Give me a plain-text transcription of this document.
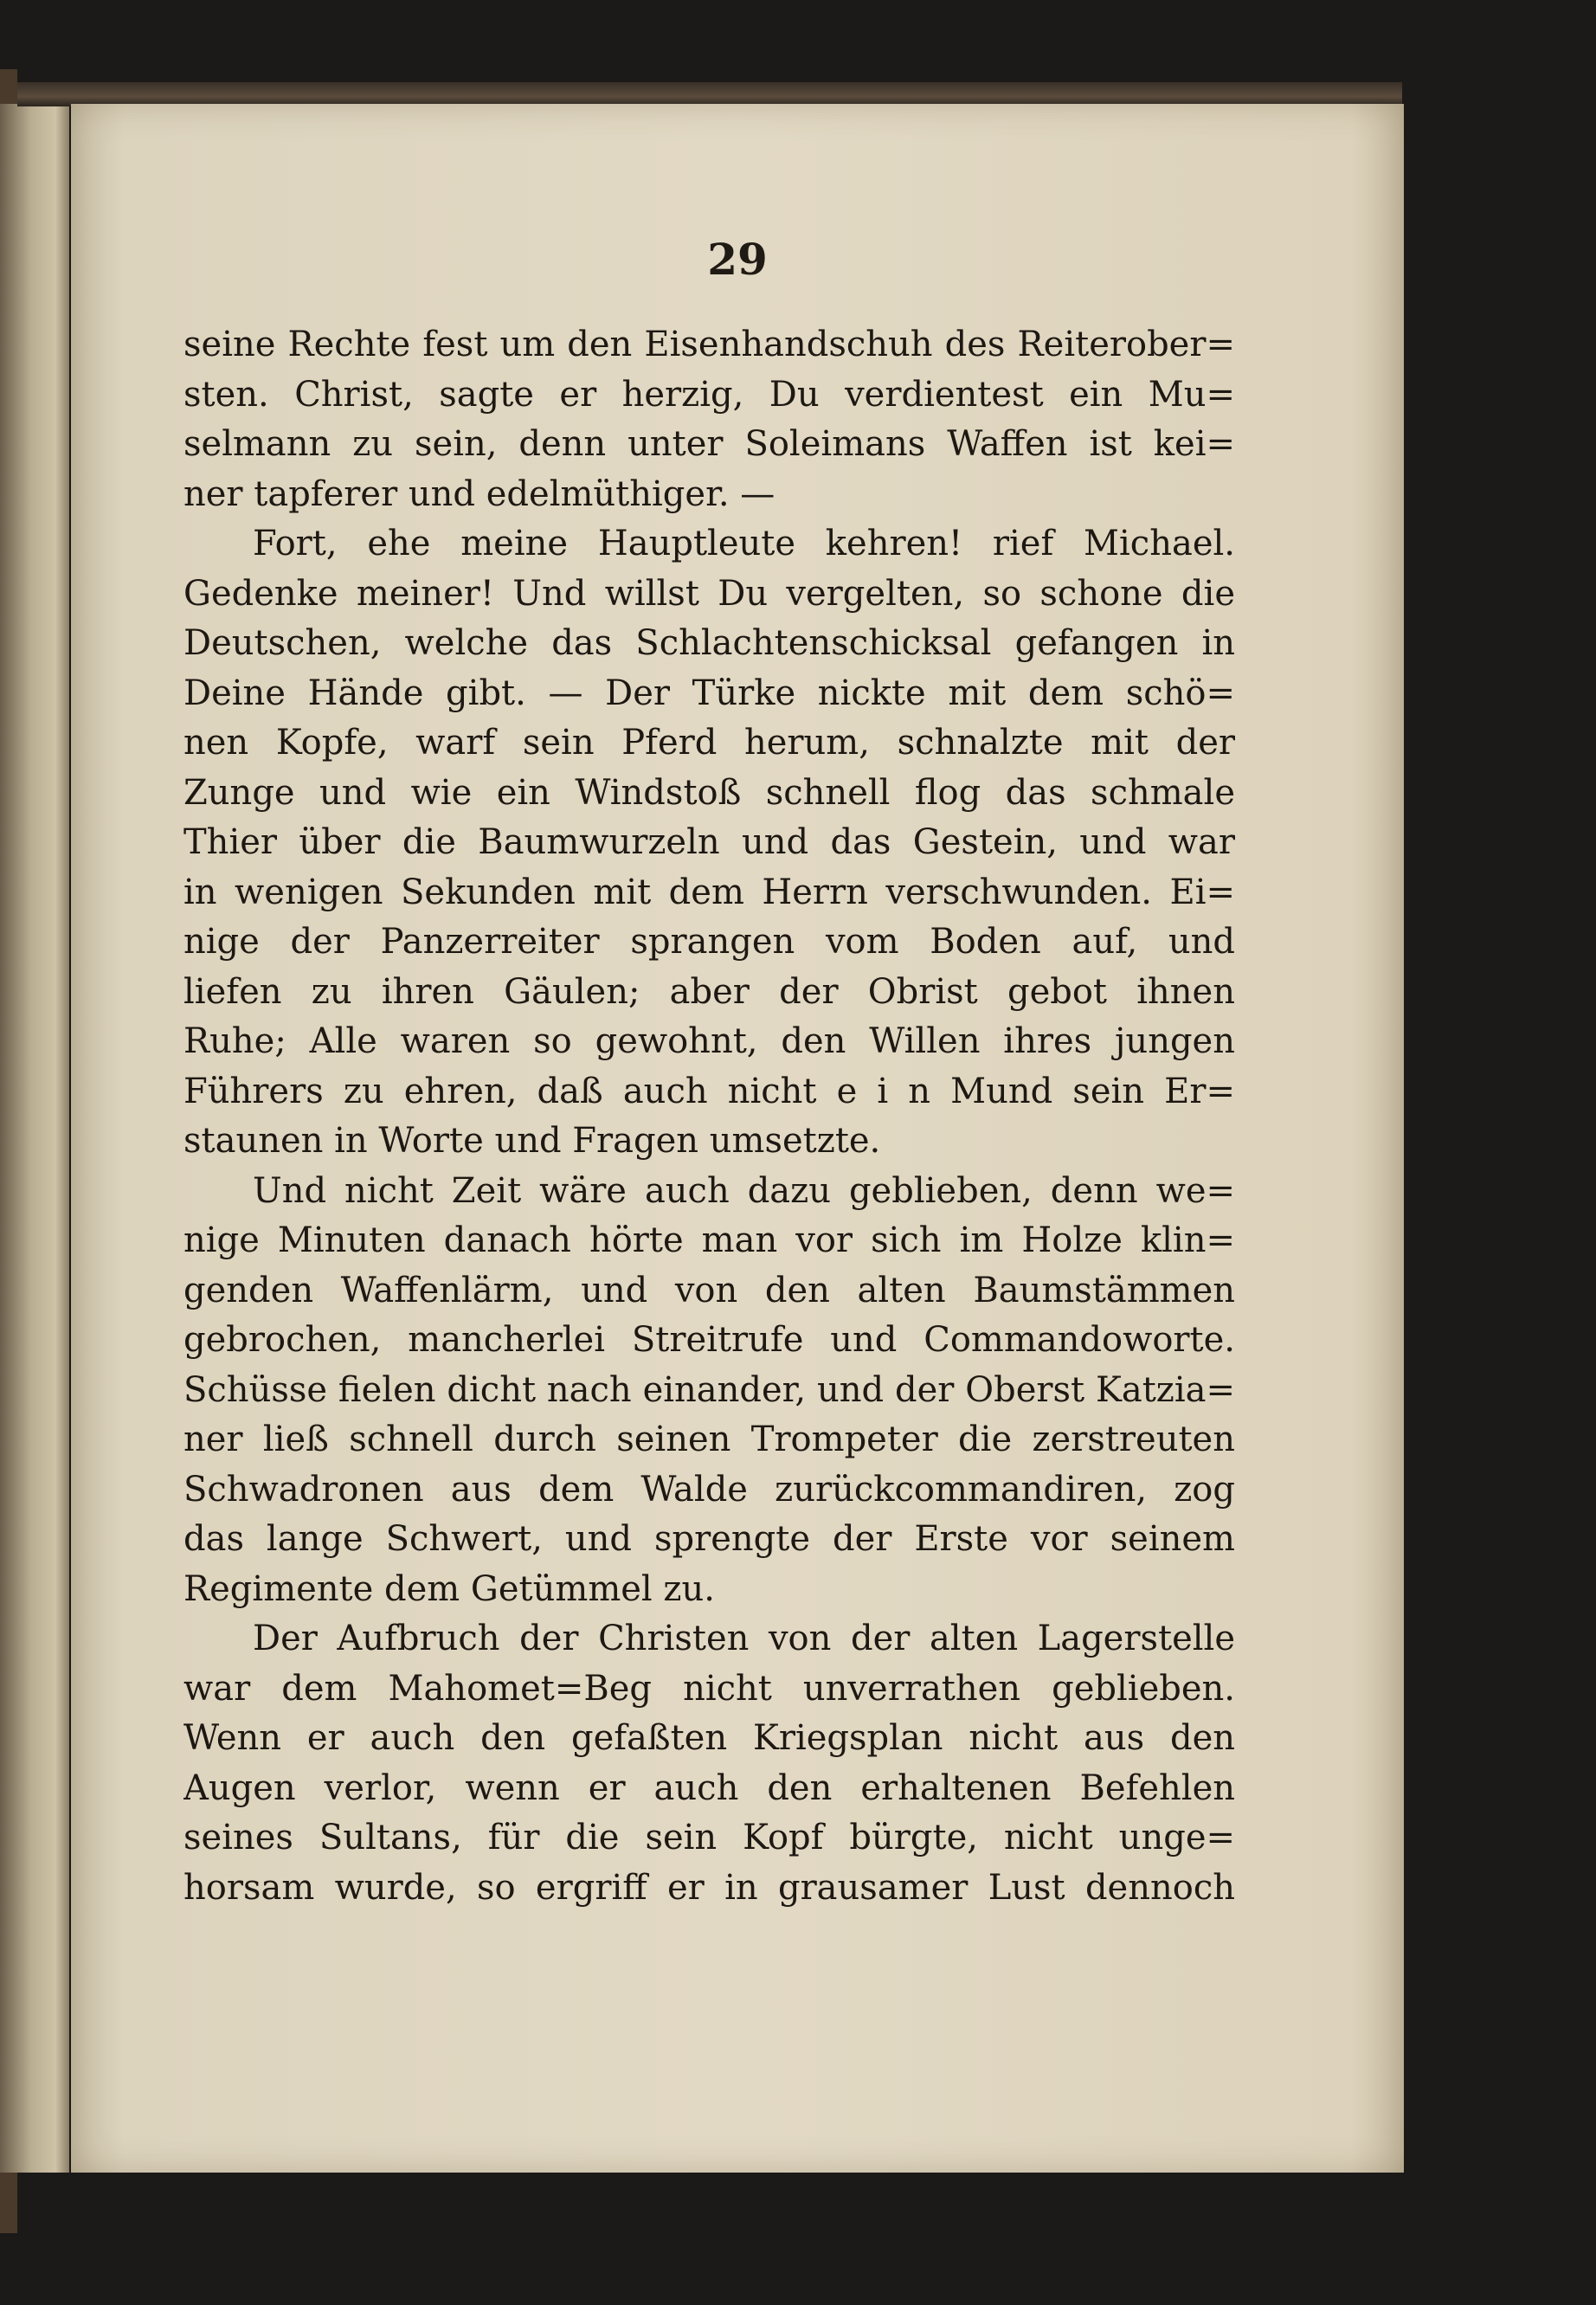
29
seine Rechte fest um den Eisenhandschuh des Reiterober=
sten. Christ, sagte er herzig, Du verdientest ein Mu=
selmann zu sein, denn unter Soleimans Waffen ist kei=
ner tapferer und edelmüthiger. —
Fort, ehe meine Hauptleute kehren! rief Michael.
Gedenke meiner! Und willst Du vergelten, so schone die
Deutschen, welche das Schlachtenschicksal gefangen in
Deine Hände gibt. — Der Türke nickte mit dem schö=
nen Kopfe, warf sein Pferd herum, schnalzte mit der
Zunge und wie ein Windstoß schnell flog das schmale
Thier über die Baumwurzeln und das Gestein, und war
in wenigen Sekunden mit dem Herrn verschwunden. Ei=
nige der Panzerreiter sprangen vom Boden auf, und
liefen zu ihren Gäulen; aber der Obrist gebot ihnen
Ruhe; Alle waren so gewohnt, den Willen ihres jungen
Führers zu ehren, daß auch nicht e i n Mund sein Er=
staunen in Worte und Fragen umsetzte.
Und nicht Zeit wäre auch dazu geblieben, denn we=
nige Minuten danach hörte man vor sich im Holze klin=
genden Waffenlärm, und von den alten Baumstämmen
gebrochen, mancherlei Streitrufe und Commandoworte.
Schüsse fielen dicht nach einander, und der Oberst Katzia=
ner ließ schnell durch seinen Trompeter die zerstreuten
Schwadronen aus dem Walde zurückcommandiren, zog
das lange Schwert, und sprengte der Erste vor seinem
Regimente dem Getümmel zu.
Der Aufbruch der Christen von der alten Lagerstelle
war dem Mahomet=Beg nicht unverrathen geblieben.
Wenn er auch den gefaßten Kriegsplan nicht aus den
Augen verlor, wenn er auch den erhaltenen Befehlen
seines Sultans, für die sein Kopf bürgte, nicht unge=
horsam wurde, so ergriff er in grausamer Lust dennoch
